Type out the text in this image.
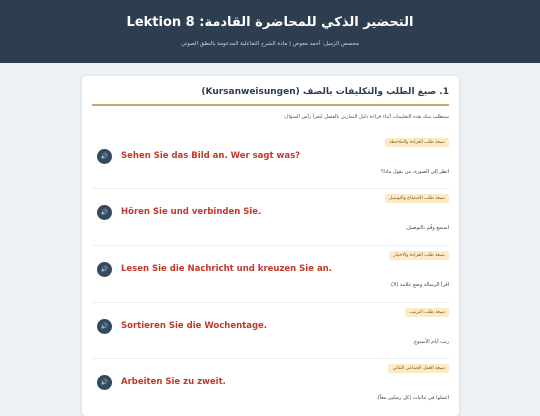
التحضير الذكي للمحاضرة القادمة: Lektion 8
مخصص الزميل: أحمد معوض | مادة الشرح التفاعلية المدعومة بالنطق الصوتي
1. صيغ الطلب والتكليفات بالصف (Kursanweisungen)
ستطلب منك هذه التعليمات أثناء قراءة دليل التمارين بالفصل لتقرأ رأس السؤال:
صيغة طلب القراءة والملاحظة
🔊 Sehen Sie das Bild an. Wer sagt was?
انظر إلى الصورة. من يقول ماذا؟
صيغة طلب الاستماع والتوصيل
🔊 Hören Sie und verbinden Sie.
استمع وقُم بالتوصيل.
صيغة طلب القراءة والاختيار
🔊 Lesen Sie die Nachricht und kreuzen Sie an.
اقرأ الرسالة وضع علامة (X).
صيغة طلب الترتيب
🔊 Sortieren Sie die Wochentage.
رتب أيام الأسبوع.
صيغة العمل الجماعي الثنائي
🔊 Arbeiten Sie zu zweit.
اعملوا في ثنائيات (كل زميلين معاً).
